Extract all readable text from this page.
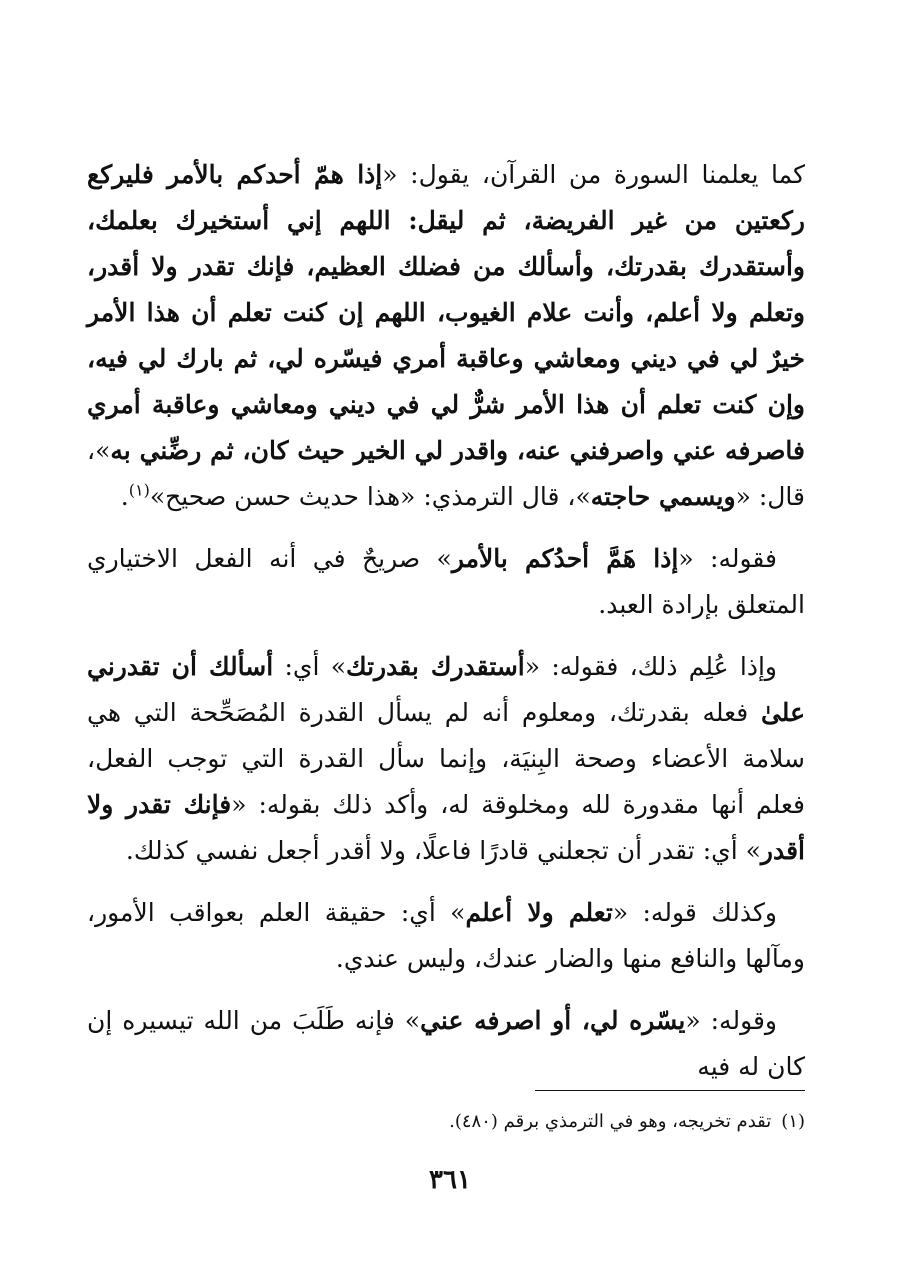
كما يعلمنا السورة من القرآن، يقول: «إذا همّ أحدكم بالأمر فليركع ركعتين من غير الفريضة، ثم ليقل: اللهم إني أستخيرك بعلمك، وأستقدرك بقدرتك، وأسألك من فضلك العظيم، فإنك تقدر ولا أقدر، وتعلم ولا أعلم، وأنت علام الغيوب، اللهم إن كنت تعلم أن هذا الأمر خيرٌ لي في ديني ومعاشي وعاقبة أمري فيسّره لي، ثم بارك لي فيه، وإن كنت تعلم أن هذا الأمر شرٌّ لي في ديني ومعاشي وعاقبة أمري فاصرفه عني واصرفني عنه، واقدر لي الخير حيث كان، ثم رضِّني به»، قال: «ويسمي حاجته»، قال الترمذي: «هذا حديث حسن صحيح»$^{(١)}$.

فقوله: «إذا هَمَّ أحدُكم بالأمر» صريحٌ في أنه الفعل الاختياري المتعلق بإرادة العبد.

وإذا عُلِم ذلك، فقوله: «أستقدرك بقدرتك» أي: أسألك أن تقدرني علىٰ فعله بقدرتك، ومعلوم أنه لم يسأل القدرة المُصَحِّحة التي هي سلامة الأعضاء وصحة البِنيَة، وإنما سأل القدرة التي توجب الفعل، فعلم أنها مقدورة لله ومخلوقة له، وأكد ذلك بقوله: «فإنك تقدر ولا أقدر» أي: تقدر أن تجعلني قادرًا فاعلًا، ولا أقدر أجعل نفسي كذلك.

وكذلك قوله: «تعلم ولا أعلم» أي: حقيقة العلم بعواقب الأمور، ومآلها والنافع منها والضار عندك، وليس عندي.

وقوله: «يسّره لي، أو اصرفه عني» فإنه طَلَبَ من الله تيسيره إن كان له فيه

(١)تقدم تخريجه، وهو في الترمذي برقم (٤٨٠).
٣٦١
